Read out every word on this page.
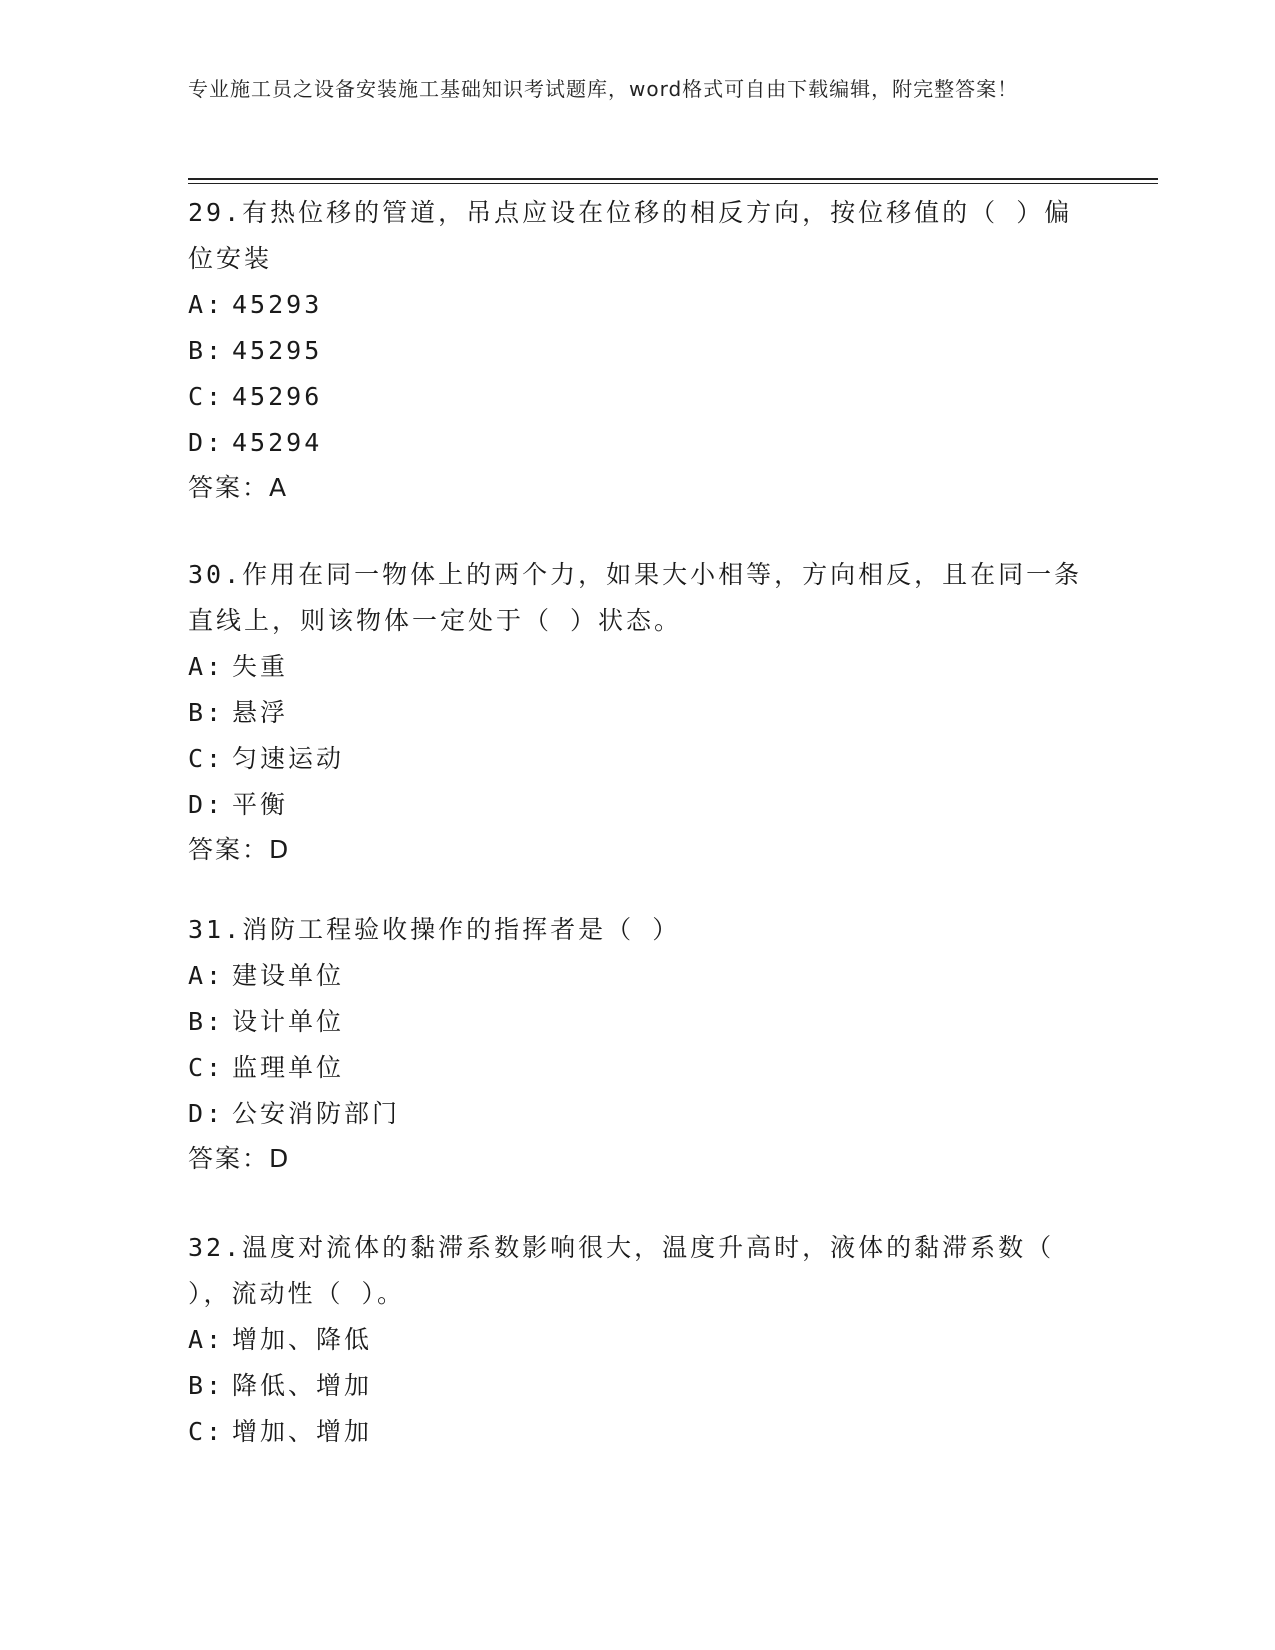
专业施工员之设备安装施工基础知识考试题库，word格式可自由下载编辑，附完整答案！
29.有热位移的管道，吊点应设在位移的相反方向，按位移值的（ ）偏位安装
A: 45293
B: 45295
C: 45296
D: 45294
答案：A
30.作用在同一物体上的两个力，如果大小相等，方向相反，且在同一条直线上，则该物体一定处于（ ）状态。
A: 失重
B: 悬浮
C: 匀速运动
D: 平衡
答案：D
31.消防工程验收操作的指挥者是（ ）
A: 建设单位
B: 设计单位
C: 监理单位
D: 公安消防部门
答案：D
32.温度对流体的黏滞系数影响很大，温度升高时，液体的黏滞系数（ ），流动性（ ）。
A: 增加、降低
B: 降低、增加
C: 增加、增加
